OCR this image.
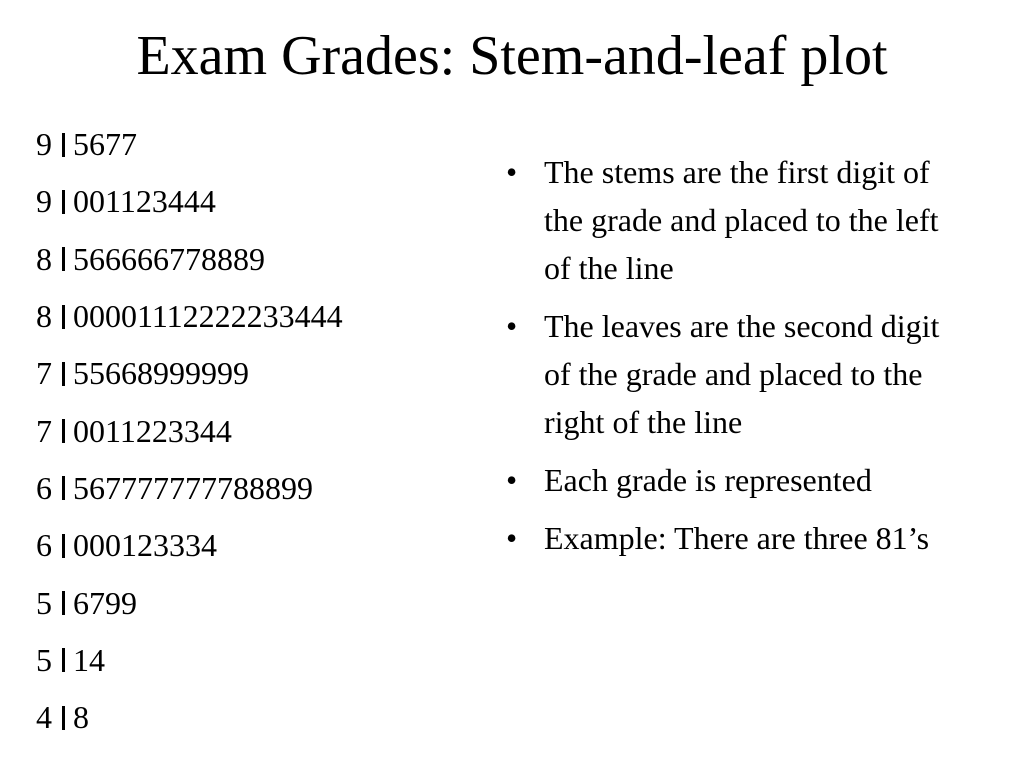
Exam Grades: Stem-and-leaf plot
9 5677
9 001123444
8 566666778889
8 00001112222233444
7 55668999999
7 0011223344
6 567777777788899
6 000123334
5 6799
5 14
4 8
• The stems are the first digit of the grade and placed to the left of the line
• The leaves are the second digit of the grade and placed to the right of the line
• Each grade is represented
• Example: There are three 81’s
